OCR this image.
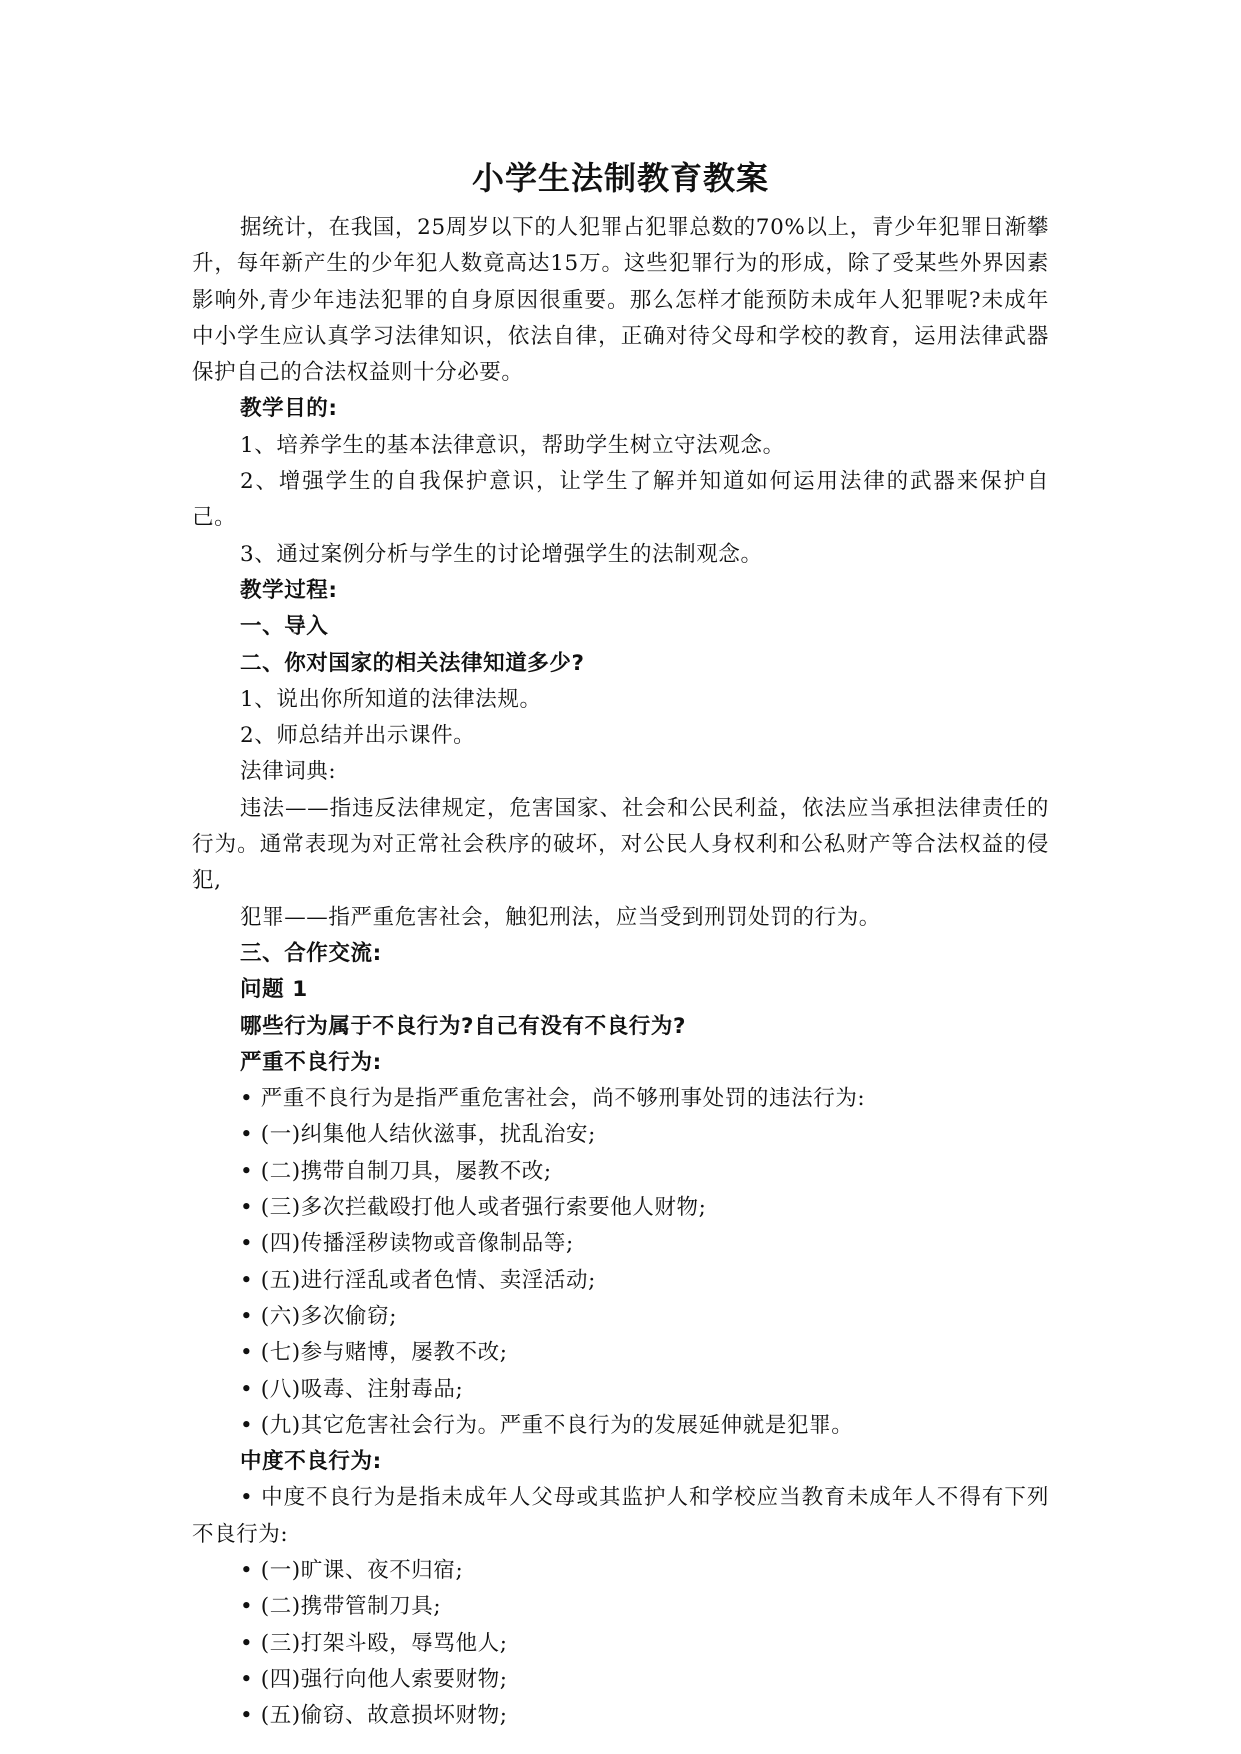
小学生法制教育教案

据统计，在我国，25周岁以下的人犯罪占犯罪总数的70%以上，青少年犯罪日渐攀升，每年新产生的少年犯人数竟高达15万。这些犯罪行为的形成，除了受某些外界因素影响外,青少年违法犯罪的自身原因很重要。那么怎样才能预防未成年人犯罪呢?未成年中小学生应认真学习法律知识，依法自律，正确对待父母和学校的教育，运用法律武器保护自己的合法权益则十分必要。

教学目的:

1、培养学生的基本法律意识，帮助学生树立守法观念。

2、增强学生的自我保护意识，让学生了解并知道如何运用法律的武器来保护自己。

3、通过案例分析与学生的讨论增强学生的法制观念。

教学过程:

一、导入

二、你对国家的相关法律知道多少?

1、说出你所知道的法律法规。

2、师总结并出示课件。

法律词典:

违法——指违反法律规定，危害国家、社会和公民利益，依法应当承担法律责任的行为。通常表现为对正常社会秩序的破坏，对公民人身权利和公私财产等合法权益的侵犯,

犯罪——指严重危害社会，触犯刑法，应当受到刑罚处罚的行为。

三、合作交流:

问题 1

哪些行为属于不良行为?自己有没有不良行为?

严重不良行为:

• 严重不良行为是指严重危害社会，尚不够刑事处罚的违法行为:

• (一)纠集他人结伙滋事，扰乱治安;

• (二)携带自制刀具，屡教不改;

• (三)多次拦截殴打他人或者强行索要他人财物;

• (四)传播淫秽读物或音像制品等;

• (五)进行淫乱或者色情、卖淫活动;

• (六)多次偷窃;

• (七)参与赌博，屡教不改;

• (八)吸毒、注射毒品;

• (九)其它危害社会行为。严重不良行为的发展延伸就是犯罪。

中度不良行为:

• 中度不良行为是指未成年人父母或其监护人和学校应当教育未成年人不得有下列不良行为:

• (一)旷课、夜不归宿;

• (二)携带管制刀具;

• (三)打架斗殴，辱骂他人;

• (四)强行向他人索要财物;

• (五)偷窃、故意损坏财物;
